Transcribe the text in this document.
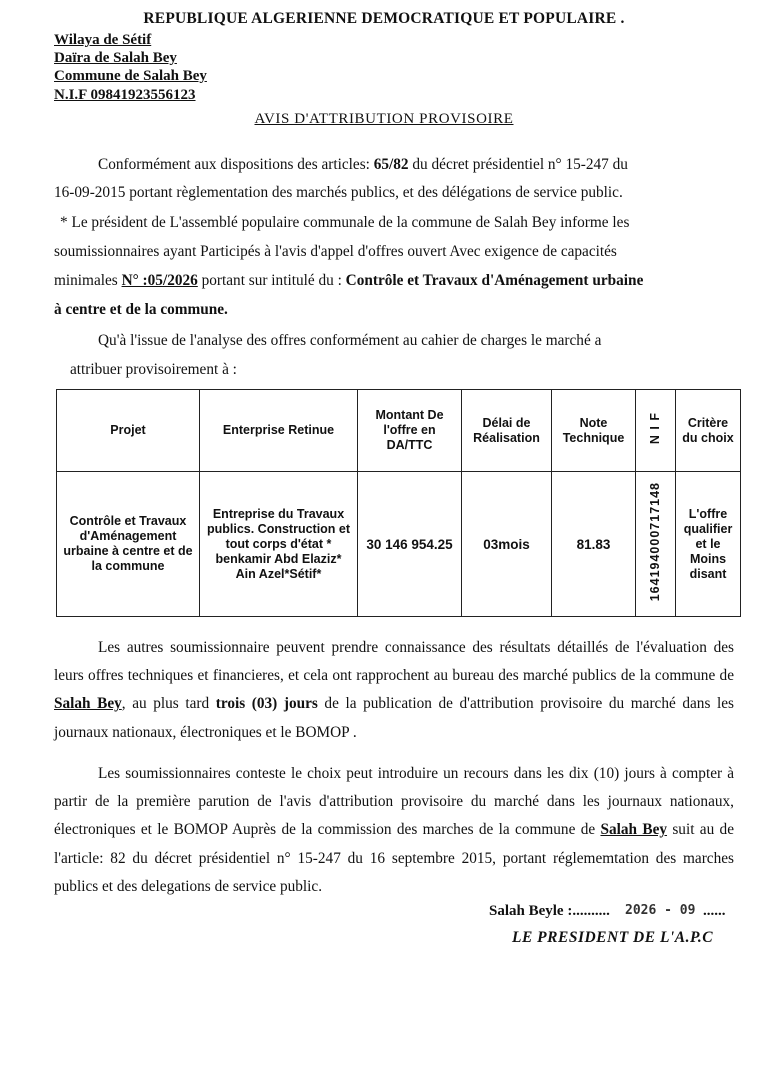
REPUBLIQUE ALGERIENNE DEMOCRATIQUE ET POPULAIRE .
Wilaya de Sétif
Daïra de Salah Bey
Commune de Salah Bey
N.I.F 09841923556123
AVIS D'ATTRIBUTION PROVISOIRE
Conformément aux dispositions des articles: 65/82 du décret présidentiel n° 15-247 du
16-09-2015 portant règlementation des marchés publics, et des délégations de service public.
* Le président de L'assemblé populaire communale de la commune de Salah Bey informe les
soumissionnaires ayant Participés à l'avis d'appel d'offres ouvert Avec exigence de capacités
minimales N° :05/2026 portant sur intitulé du : Contrôle et Travaux d'Aménagement urbaine
à centre et de la commune.
Qu'à l'issue de l'analyse des offres conformément au cahier de charges le marché a
attribuer provisoirement à :
Projet	Enterprise Retinue	Montant De l'offre en DA/TTC	Délai de Réalisation	Note Technique	N I F	Critère du choix
Contrôle et Travaux d'Aménagement urbaine à centre et de la commune	Entreprise du Travaux publics. Construction et tout corps d'état * benkamir Abd Elaziz* Ain Azel*Sétif*	30 146 954.25	03mois	81.83	164194000717148	L'offre qualifier et le Moins disant
Les autres soumissionnaire peuvent prendre connaissance des résultats détaillés de l'évaluation des leurs offres techniques et financieres, et cela ont rapprochent au bureau des marché publics de la commune de Salah Bey, au plus tard trois (03) jours de la publication de d'attribution provisoire du marché dans les journaux nationaux, électroniques et le BOMOP .
Les soumissionnaires conteste le choix peut introduire un recours dans les dix (10) jours à compter à partir de la première parution de l'avis d'attribution provisoire du marché dans les journaux nationaux, électroniques et le BOMOP Auprès de la commission des marches de la commune de Salah Bey suit au de l'article: 82 du décret présidentiel n° 15-247 du 16 septembre 2015, portant réglememtation des marches publics et des delegations de service public.
Salah Beyle :.......... 2026 - 09 ......
LE PRESIDENT DE L'A.P.C
